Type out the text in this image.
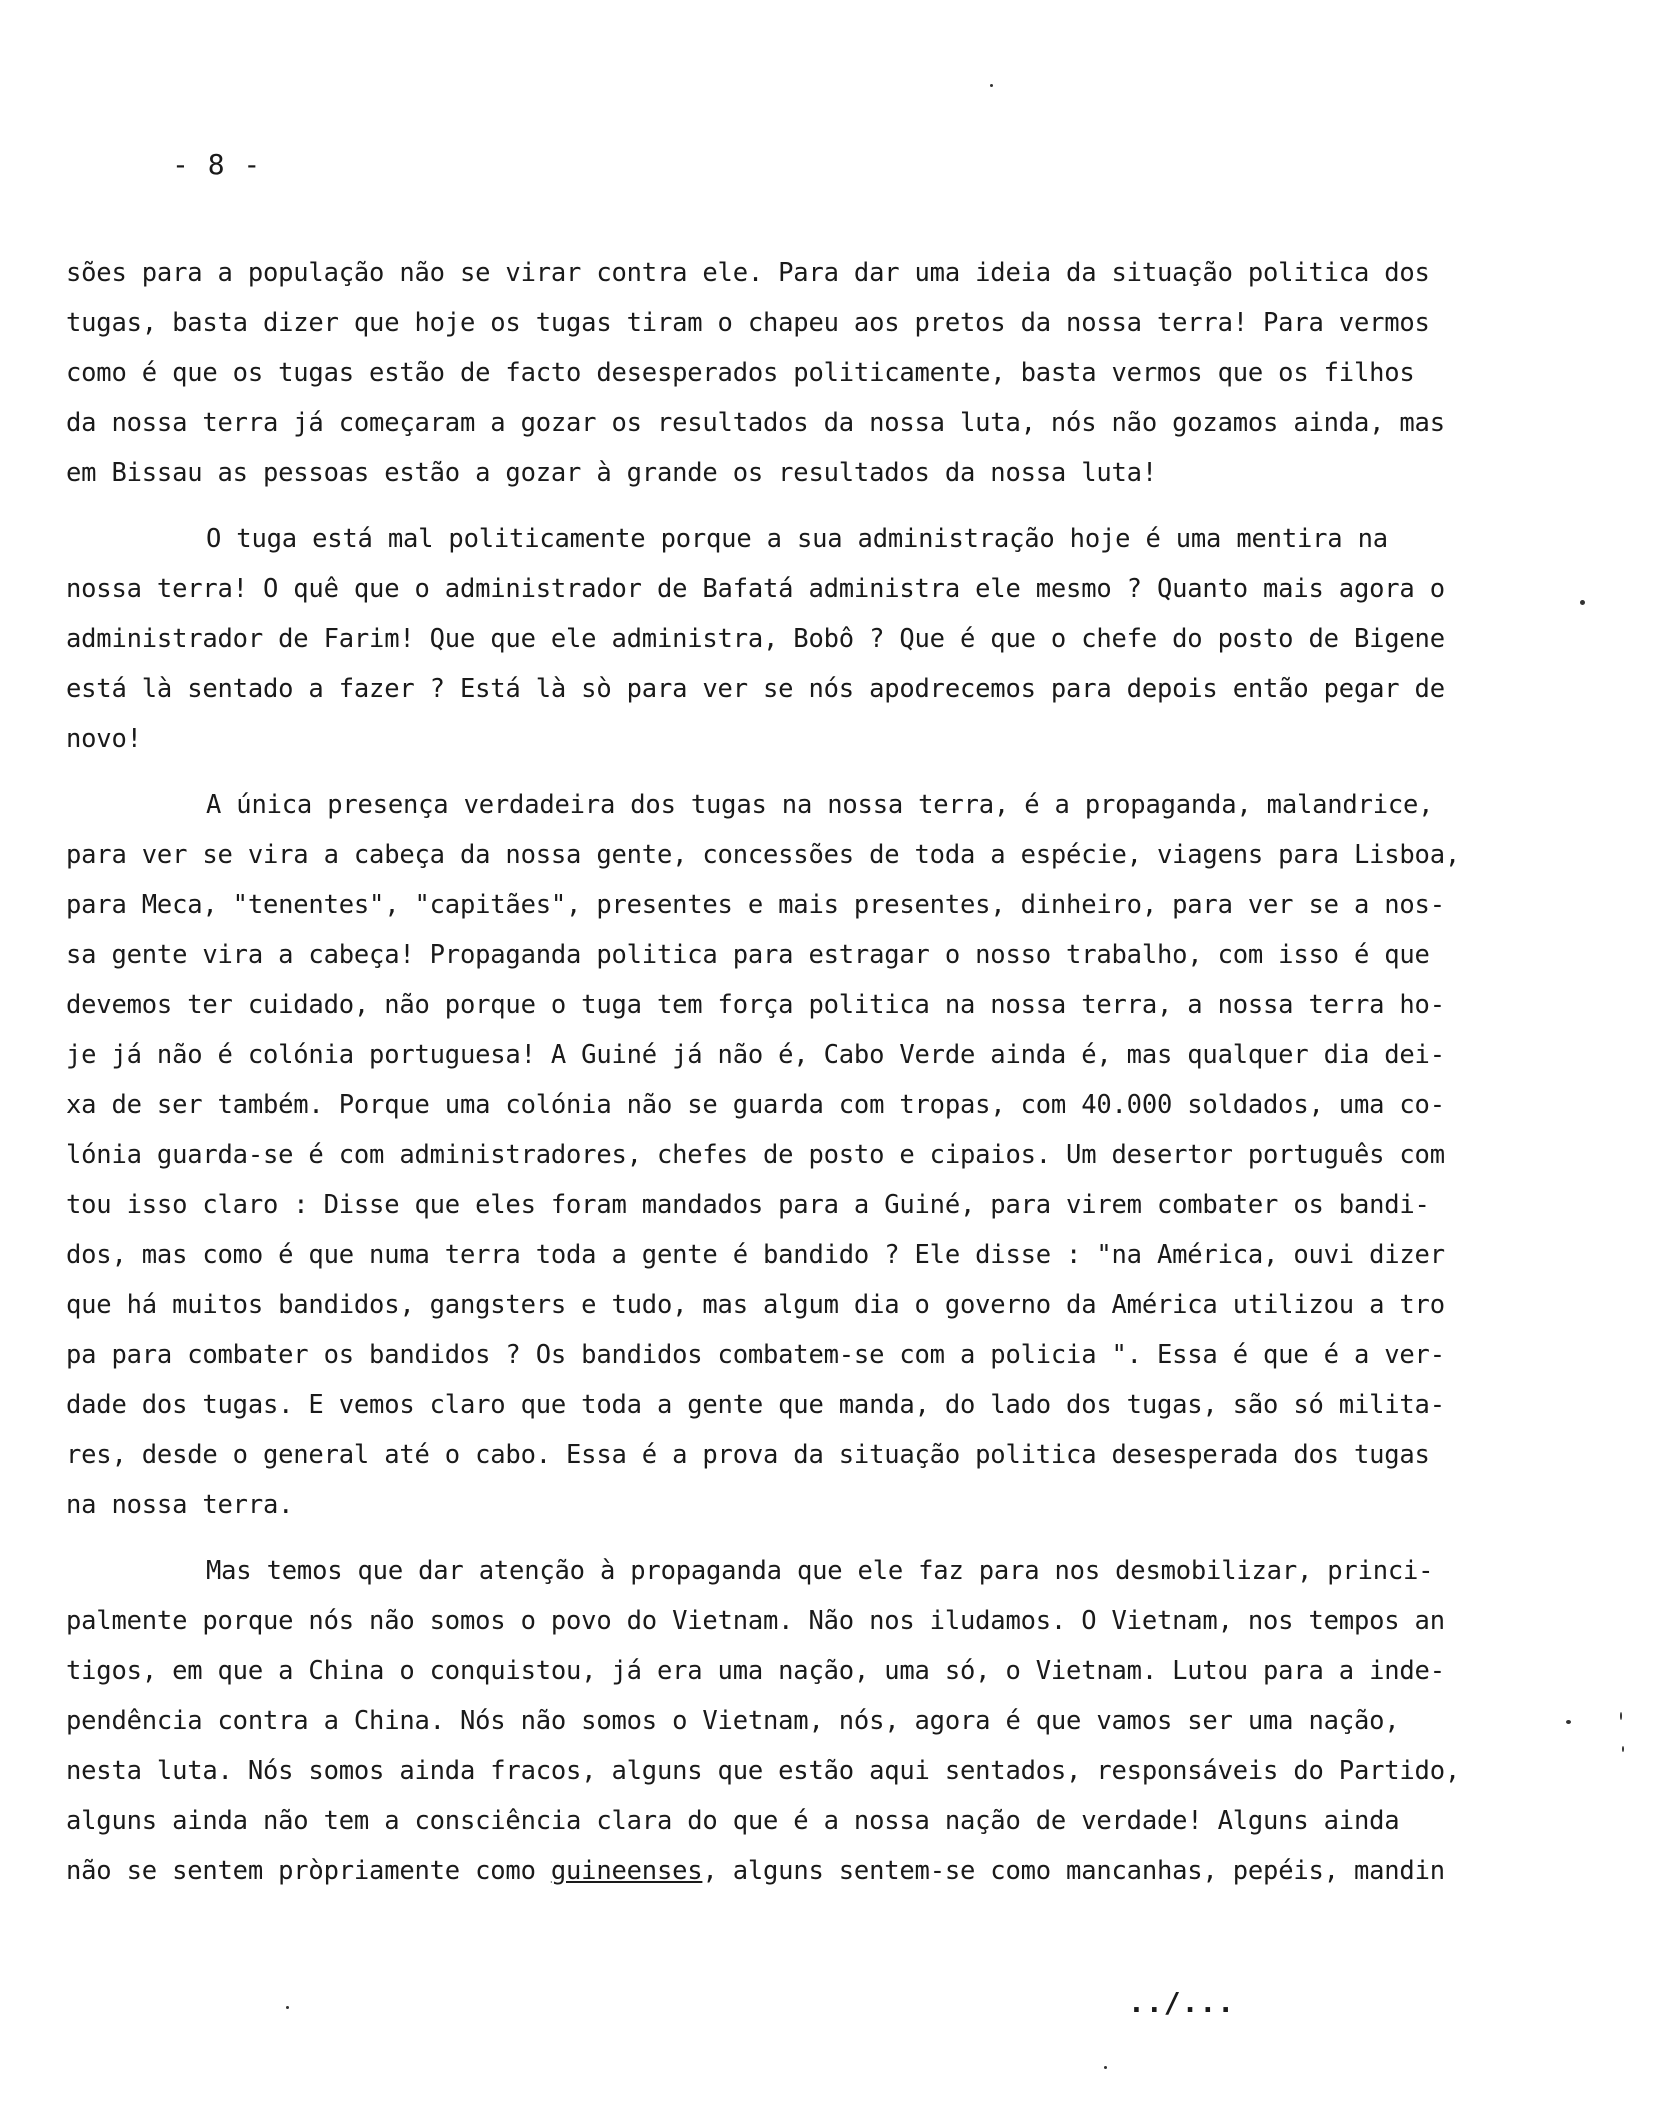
- 8 -
sões para a população não se virar contra ele. Para dar uma ideia da situação politica dos
tugas, basta dizer que hoje os tugas tiram o chapeu aos pretos da nossa terra! Para vermos
como é que os tugas estão de facto desesperados politicamente, basta vermos que os filhos
da nossa terra já começaram a gozar os resultados da nossa luta, nós não gozamos ainda, mas
em Bissau as pessoas estão a gozar à grande os resultados da nossa luta!
O tuga está mal politicamente porque a sua administração hoje é uma mentira na
nossa terra! O quê que o administrador de Bafatá administra ele mesmo ? Quanto mais agora o
administrador de Farim! Que que ele administra, Bobô ? Que é que o chefe do posto de Bigene
está là sentado a fazer ? Está là sò para ver se nós apodrecemos para depois então pegar de
novo!
A única presença verdadeira dos tugas na nossa terra, é a propaganda, malandrice,
para ver se vira a cabeça da nossa gente, concessões de toda a espécie, viagens para Lisboa,
para Meca, "tenentes", "capitães", presentes e mais presentes, dinheiro, para ver se a nos-
sa gente vira a cabeça! Propaganda politica para estragar o nosso trabalho, com isso é que
devemos ter cuidado, não porque o tuga tem força politica na nossa terra, a nossa terra ho-
je já não é colónia portuguesa! A Guiné já não é, Cabo Verde ainda é, mas qualquer dia dei-
xa de ser também. Porque uma colónia não se guarda com tropas, com 40.000 soldados, uma co-
lónia guarda-se é com administradores, chefes de posto e cipaios. Um desertor português com
tou isso claro : Disse que eles foram mandados para a Guiné, para virem combater os bandi-
dos, mas como é que numa terra toda a gente é bandido ? Ele disse : "na América, ouvi dizer
que há muitos bandidos, gangsters e tudo, mas algum dia o governo da América utilizou a tro
pa para combater os bandidos ? Os bandidos combatem-se com a policia ". Essa é que é a ver-
dade dos tugas. E vemos claro que toda a gente que manda, do lado dos tugas, são só milita-
res, desde o general até o cabo. Essa é a prova da situação politica desesperada dos tugas
na nossa terra.
Mas temos que dar atenção à propaganda que ele faz para nos desmobilizar, princi-
palmente porque nós não somos o povo do Vietnam. Não nos iludamos. O Vietnam, nos tempos an
tigos, em que a China o conquistou, já era uma nação, uma só, o Vietnam. Lutou para a inde-
pendência contra a China. Nós não somos o Vietnam, nós, agora é que vamos ser uma nação,
nesta luta. Nós somos ainda fracos, alguns que estão aqui sentados, responsáveis do Partido,
alguns ainda não tem a consciência clara do que é a nossa nação de verdade! Alguns ainda
não se sentem pròpriamente como guineenses, alguns sentem-se como mancanhas, pepéis, mandin
../...
